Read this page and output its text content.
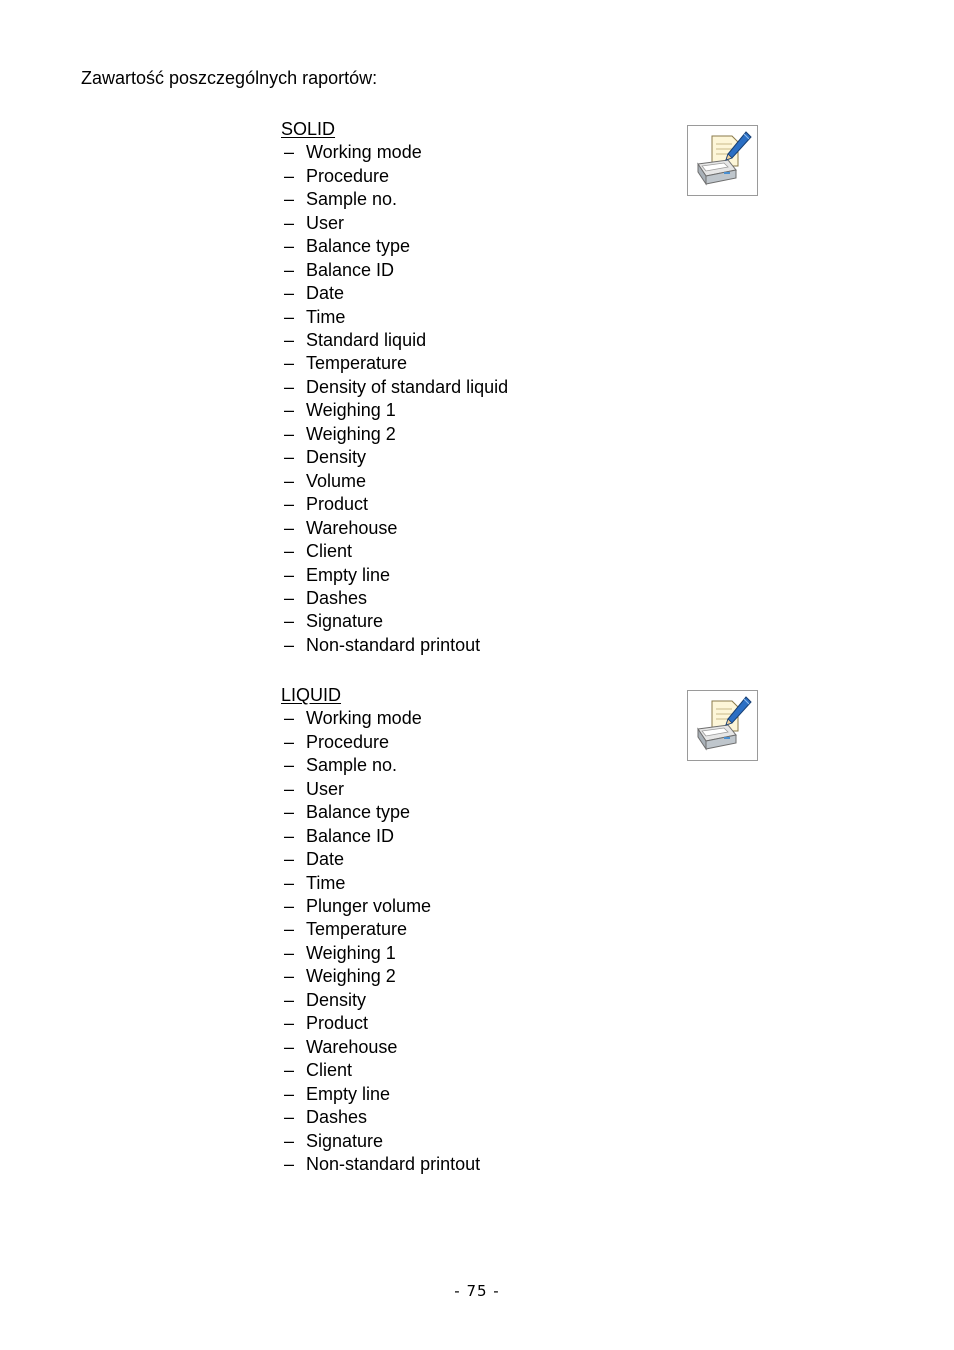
Zawartość poszczególnych raportów:

SOLID

– Working mode
– Procedure
– Sample no.
– User
– Balance type
– Balance ID
– Date
– Time
– Standard liquid
– Temperature
– Density of standard liquid
– Weighing 1
– Weighing 2
– Density
– Volume
– Product
– Warehouse
– Client
– Empty line
– Dashes
– Signature
– Non-standard printout

LIQUID

– Working mode
– Procedure
– Sample no.
– User
– Balance type
– Balance ID
– Date
– Time
– Plunger volume
– Temperature
– Weighing 1
– Weighing 2
– Density
– Product
– Warehouse
– Client
– Empty line
– Dashes
– Signature
– Non-standard printout
- 75 -
